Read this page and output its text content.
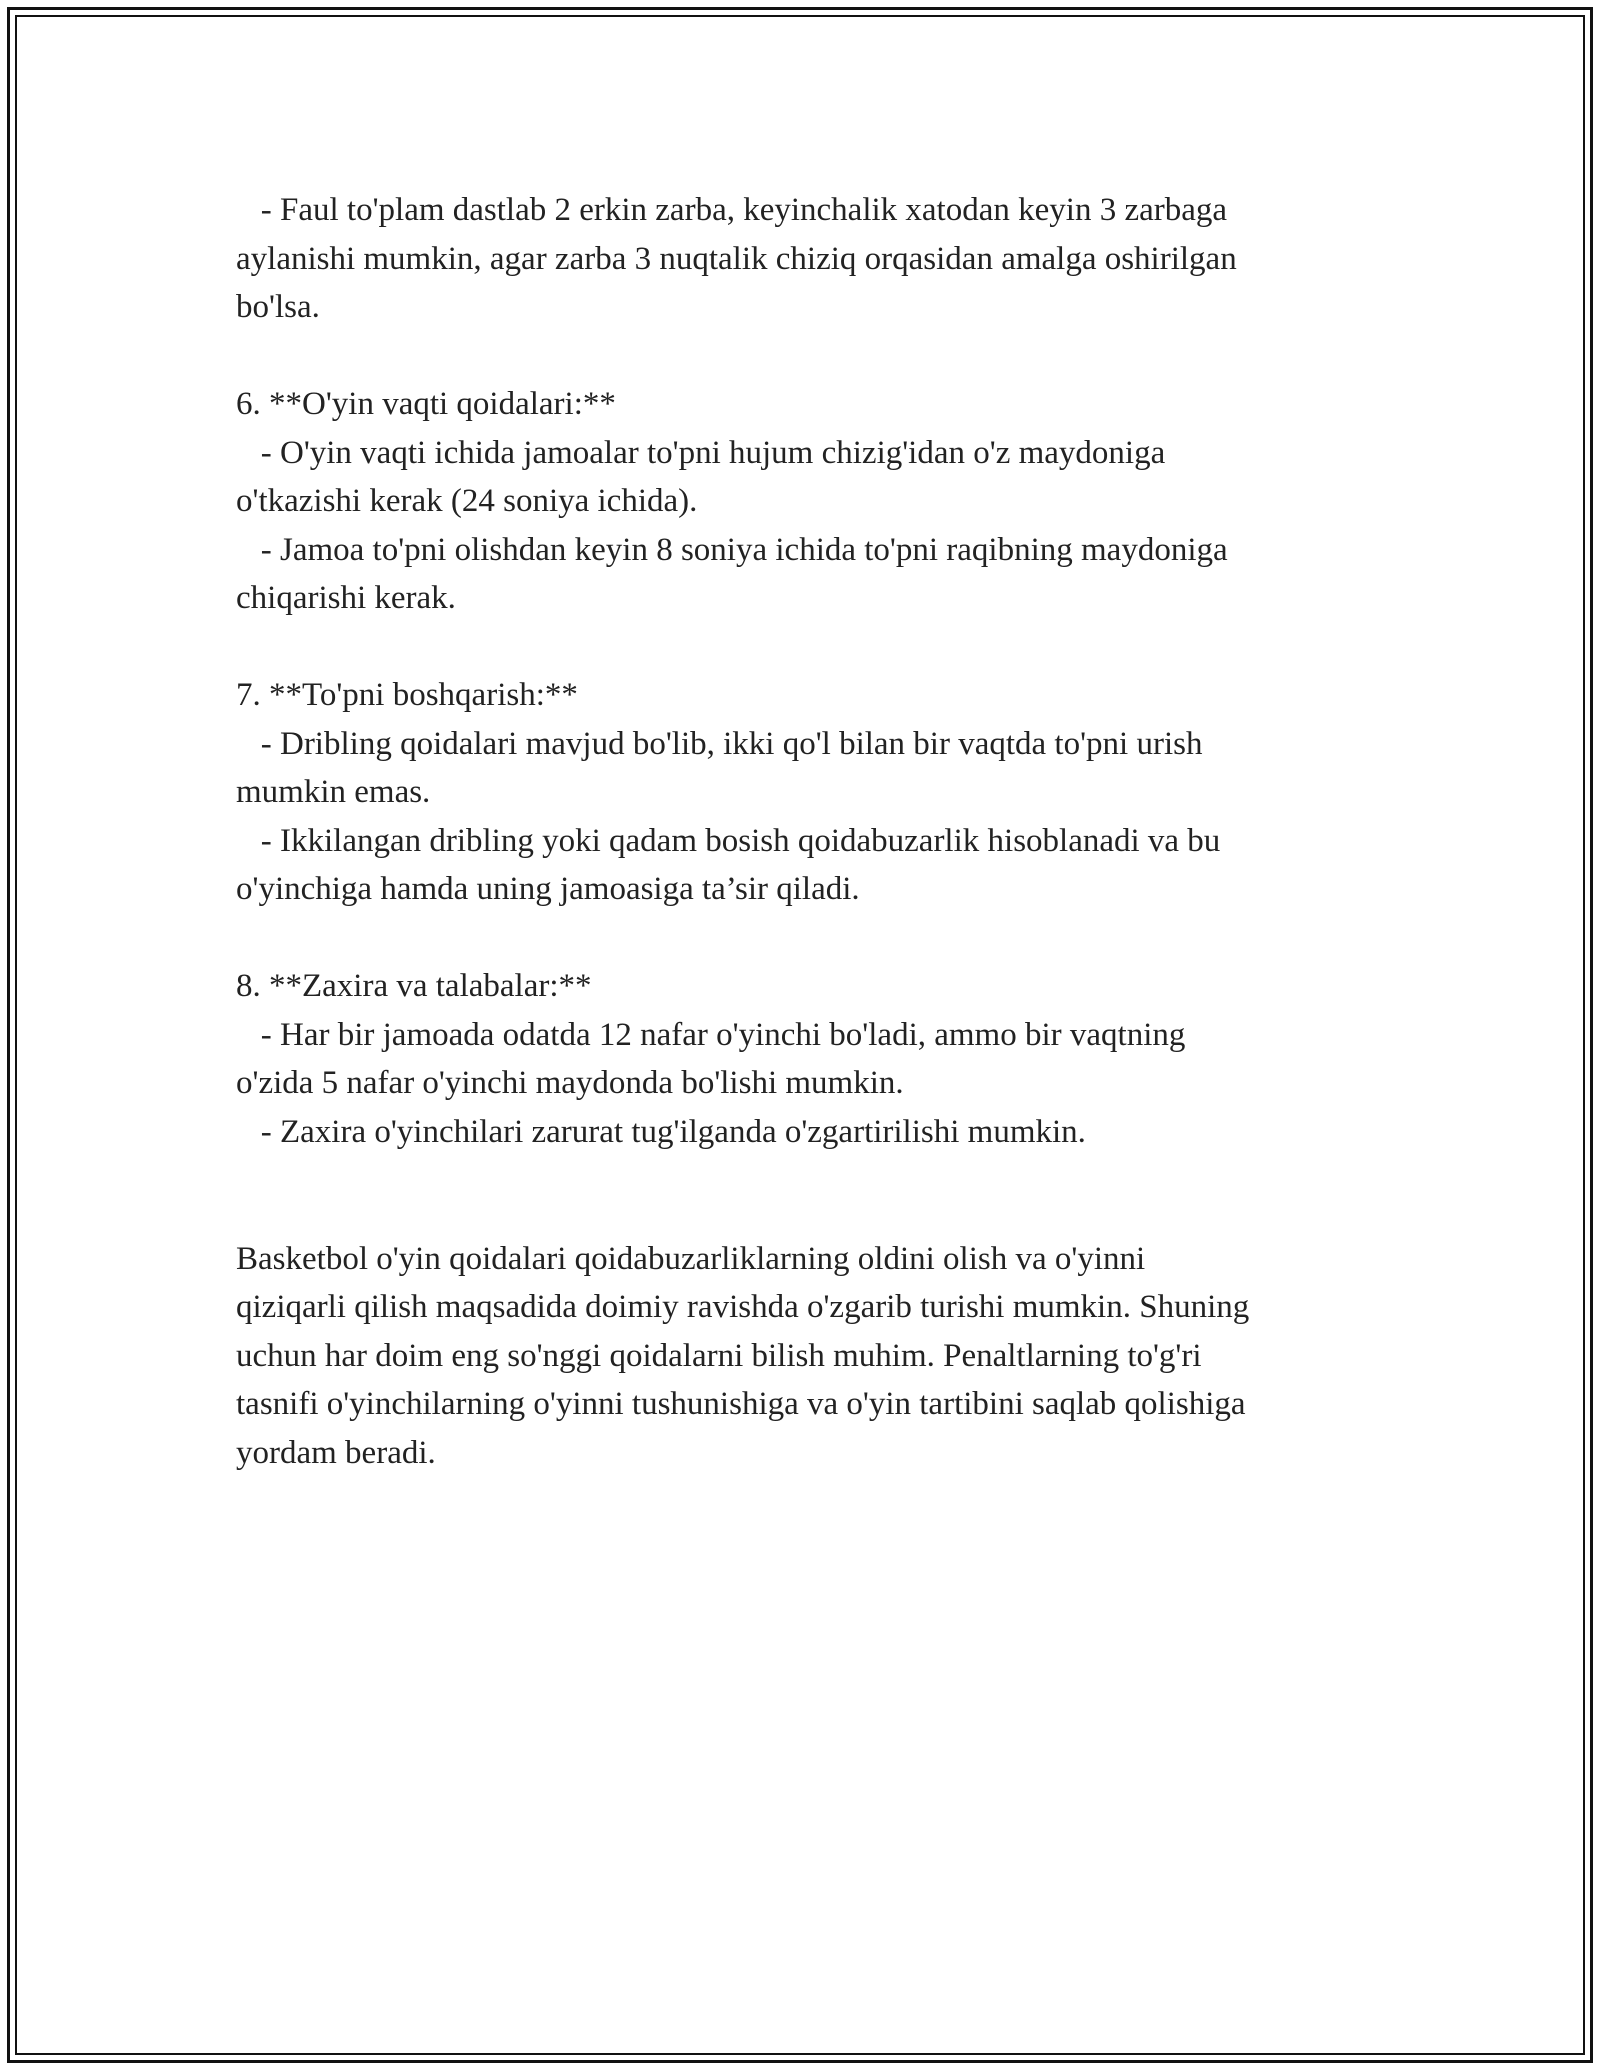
- Faul to'plam dastlab 2 erkin zarba, keyinchalik xatodan keyin 3 zarbaga
aylanishi mumkin, agar zarba 3 nuqtalik chiziq orqasidan amalga oshirilgan
bo'lsa.
6. **O'yin vaqti qoidalari:**
- O'yin vaqti ichida jamoalar to'pni hujum chizig'idan o'z maydoniga
o'tkazishi kerak (24 soniya ichida).
- Jamoa to'pni olishdan keyin 8 soniya ichida to'pni raqibning maydoniga
chiqarishi kerak.
7. **To'pni boshqarish:**
- Dribling qoidalari mavjud bo'lib, ikki qo'l bilan bir vaqtda to'pni urish
mumkin emas.
- Ikkilangan dribling yoki qadam bosish qoidabuzarlik hisoblanadi va bu
o'yinchiga hamda uning jamoasiga ta’sir qiladi.
8. **Zaxira va talabalar:**
- Har bir jamoada odatda 12 nafar o'yinchi bo'ladi, ammo bir vaqtning
o'zida 5 nafar o'yinchi maydonda bo'lishi mumkin.
- Zaxira o'yinchilari zarurat tug'ilganda o'zgartirilishi mumkin.
Basketbol o'yin qoidalari qoidabuzarliklarning oldini olish va o'yinni
qiziqarli qilish maqsadida doimiy ravishda o'zgarib turishi mumkin. Shuning
uchun har doim eng so'nggi qoidalarni bilish muhim. Penaltlarning to'g'ri
tasnifi o'yinchilarning o'yinni tushunishiga va o'yin tartibini saqlab qolishiga
yordam beradi.
